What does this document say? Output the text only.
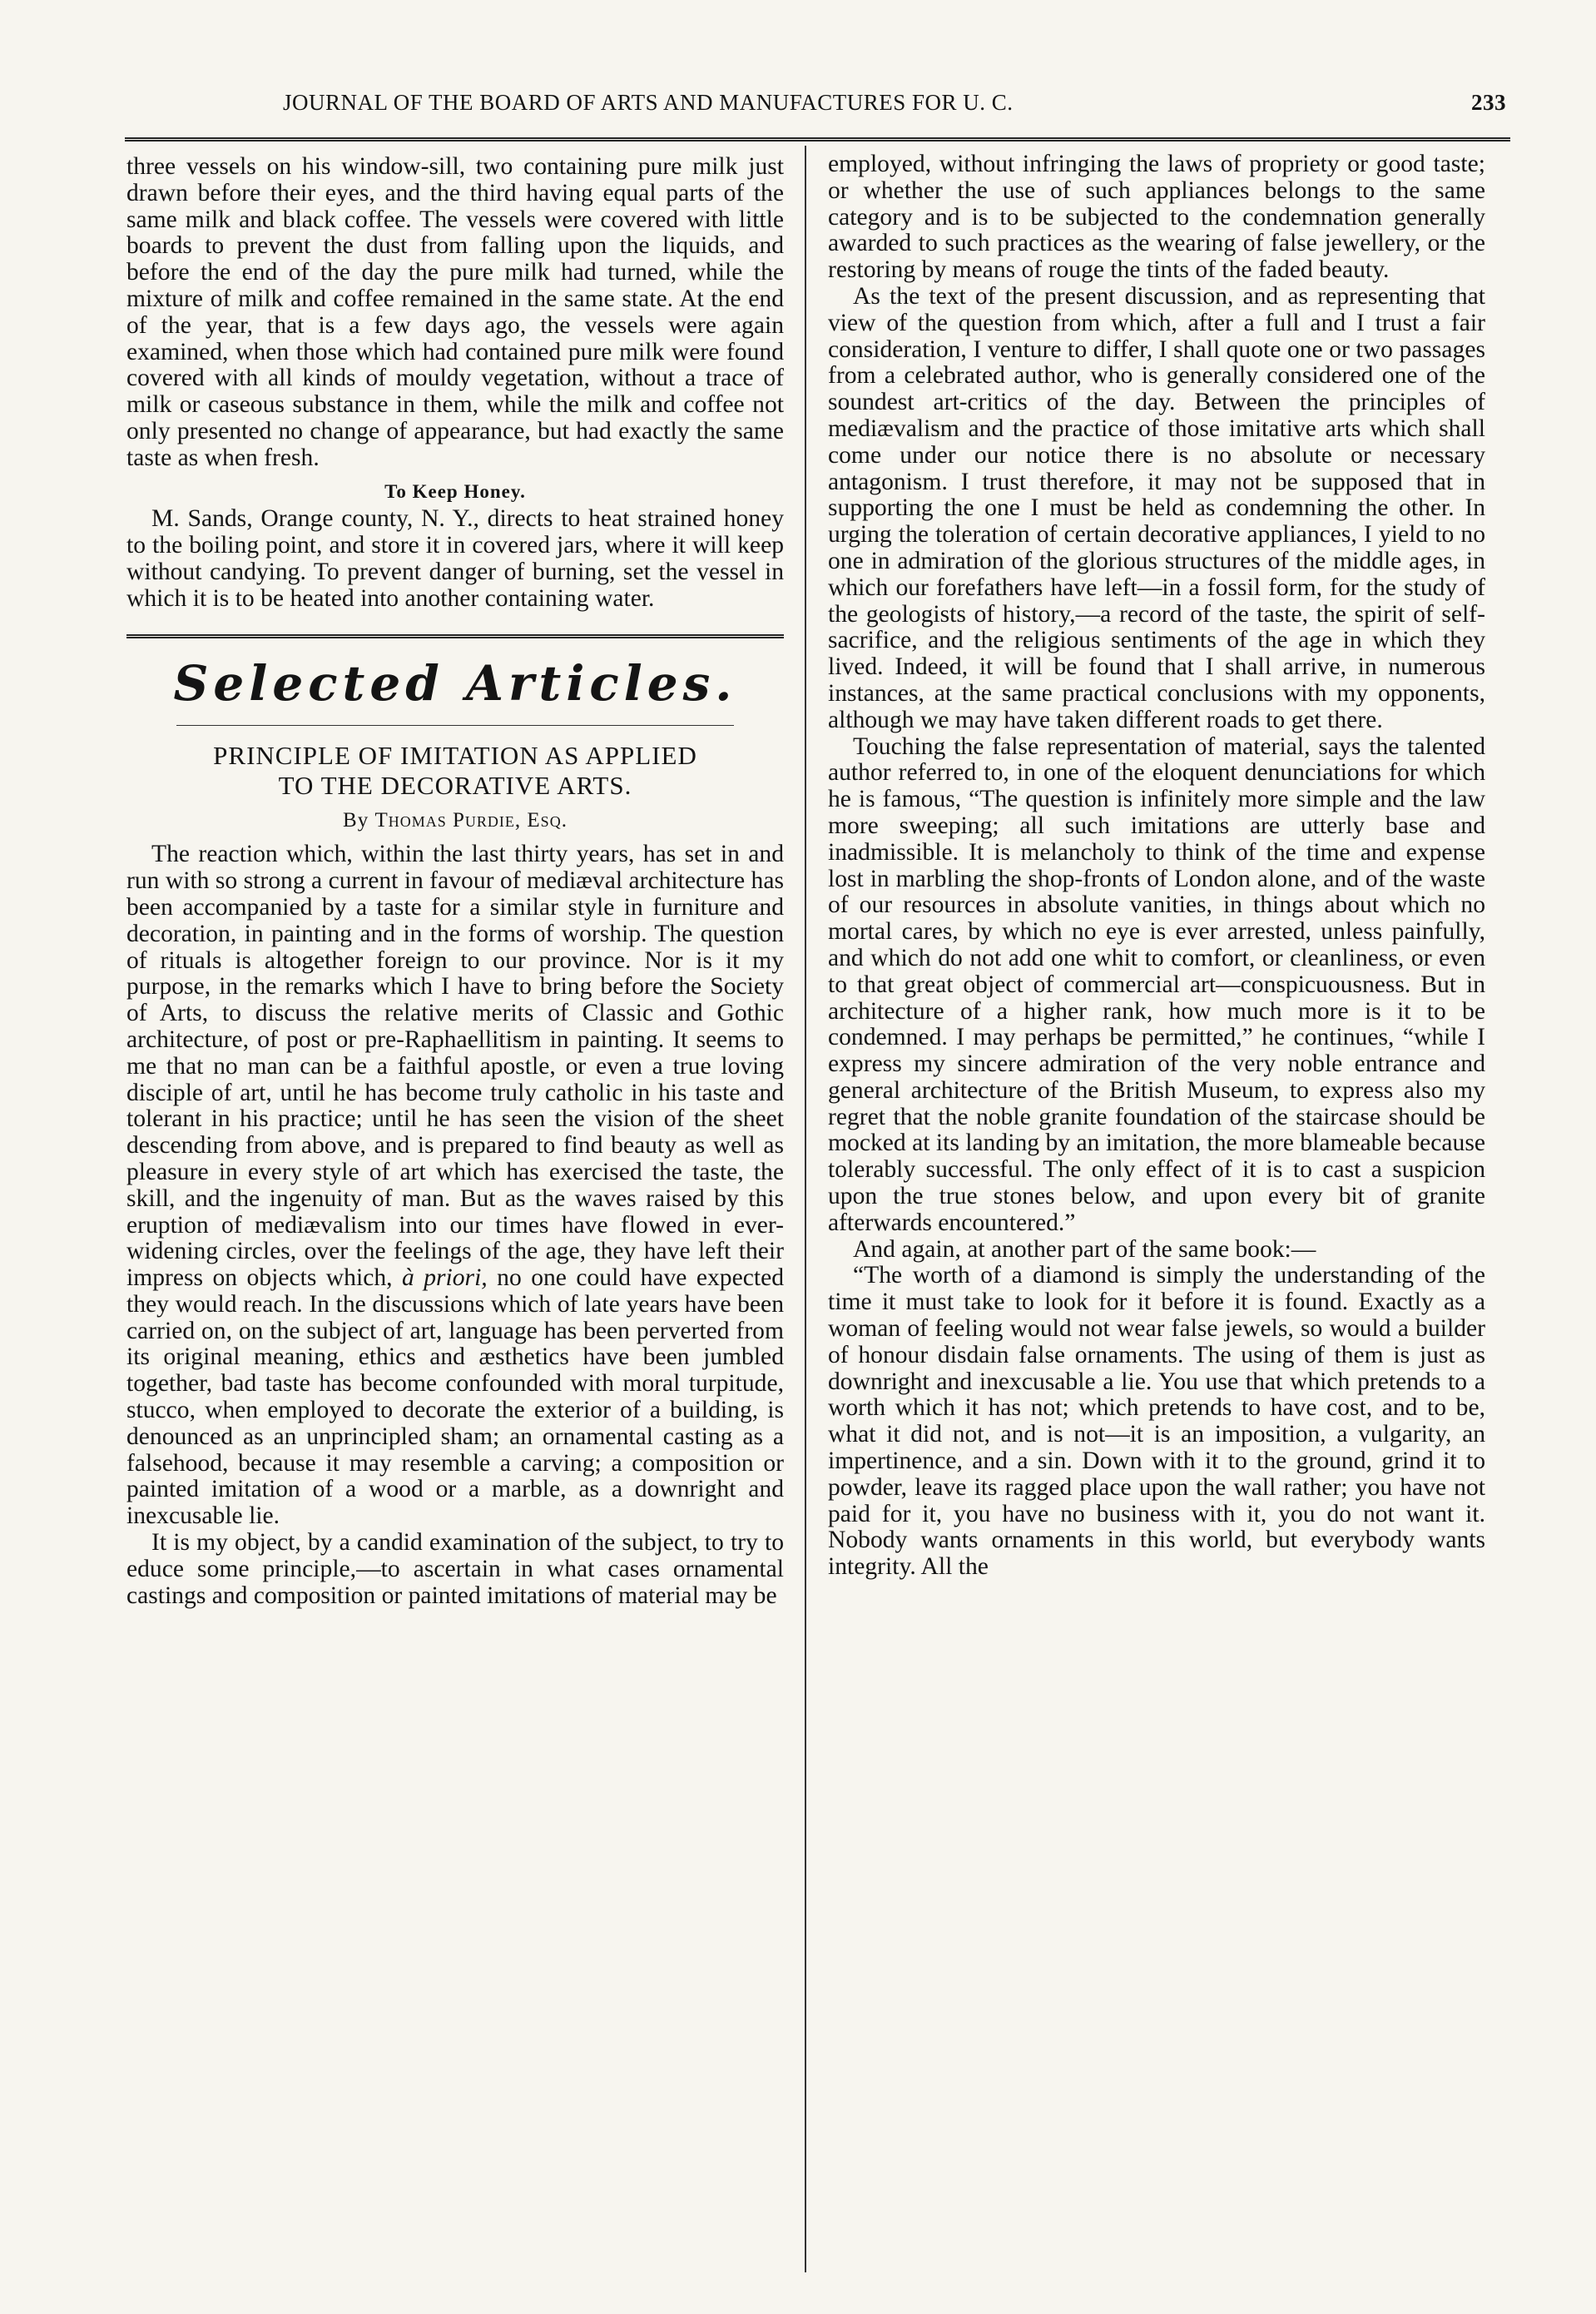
JOURNAL OF THE BOARD OF ARTS AND MANUFACTURES FOR U. C.	233

three vessels on his window-sill, two containing pure milk just drawn before their eyes, and the third having equal parts of the same milk and black coffee. The vessels were covered with little boards to prevent the dust from falling upon the liquids, and before the end of the day the pure milk had turned, while the mixture of milk and coffee remained in the same state. At the end of the year, that is a few days ago, the vessels were again examined, when those which had contained pure milk were found covered with all kinds of mouldy vegetation, without a trace of milk or caseous substance in them, while the milk and coffee not only presented no change of appearance, but had exactly the same taste as when fresh.

To Keep Honey.

M. Sands, Orange county, N. Y., directs to heat strained honey to the boiling point, and store it in covered jars, where it will keep without candying. To prevent danger of burning, set the vessel in which it is to be heated into another containing water.

Selected Articles.
PRINCIPLE OF IMITATION AS APPLIED
TO THE DECORATIVE ARTS.
By Thomas Purdie, Esq.

The reaction which, within the last thirty years, has set in and run with so strong a current in favour of mediæval architecture has been accompanied by a taste for a similar style in furniture and decoration, in painting and in the forms of worship. The question of rituals is altogether foreign to our province. Nor is it my purpose, in the remarks which I have to bring before the Society of Arts, to discuss the relative merits of Classic and Gothic architecture, of post or pre-Raphaellitism in painting. It seems to me that no man can be a faithful apostle, or even a true loving disciple of art, until he has become truly catholic in his taste and tolerant in his practice; until he has seen the vision of the sheet descending from above, and is prepared to find beauty as well as pleasure in every style of art which has exercised the taste, the skill, and the ingenuity of man. But as the waves raised by this eruption of mediævalism into our times have flowed in ever-widening circles, over the feelings of the age, they have left their impress on objects which, à priori, no one could have expected they would reach. In the discussions which of late years have been carried on, on the subject of art, language has been perverted from its original meaning, ethics and æsthetics have been jumbled together, bad taste has become confounded with moral turpitude, stucco, when employed to decorate the exterior of a building, is denounced as an unprincipled sham; an ornamental casting as a falsehood, because it may resemble a carving; a composition or painted imitation of a wood or a marble, as a downright and inexcusable lie.

It is my object, by a candid examination of the subject, to try to educe some principle,—to ascertain in what cases ornamental castings and composition or painted imitations of material may be

employed, without infringing the laws of propriety or good taste; or whether the use of such appliances belongs to the same category and is to be subjected to the condemnation generally awarded to such practices as the wearing of false jewellery, or the restoring by means of rouge the tints of the faded beauty.

As the text of the present discussion, and as representing that view of the question from which, after a full and I trust a fair consideration, I venture to differ, I shall quote one or two passages from a celebrated author, who is generally considered one of the soundest art-critics of the day. Between the principles of mediævalism and the practice of those imitative arts which shall come under our notice there is no absolute or necessary antagonism. I trust therefore, it may not be supposed that in supporting the one I must be held as condemning the other. In urging the toleration of certain decorative appliances, I yield to no one in admiration of the glorious structures of the middle ages, in which our forefathers have left—in a fossil form, for the study of the geologists of history,—a record of the taste, the spirit of self-sacrifice, and the religious sentiments of the age in which they lived. Indeed, it will be found that I shall arrive, in numerous instances, at the same practical conclusions with my opponents, although we may have taken different roads to get there.

Touching the false representation of material, says the talented author referred to, in one of the eloquent denunciations for which he is famous, “The question is infinitely more simple and the law more sweeping; all such imitations are utterly base and inadmissible. It is melancholy to think of the time and expense lost in marbling the shop-fronts of London alone, and of the waste of our resources in absolute vanities, in things about which no mortal cares, by which no eye is ever arrested, unless painfully, and which do not add one whit to comfort, or cleanliness, or even to that great object of commercial art—conspicuousness. But in architecture of a higher rank, how much more is it to be condemned. I may perhaps be permitted,” he continues, “while I express my sincere admiration of the very noble entrance and general architecture of the British Museum, to express also my regret that the noble granite foundation of the staircase should be mocked at its landing by an imitation, the more blameable because tolerably successful. The only effect of it is to cast a suspicion upon the true stones below, and upon every bit of granite afterwards encountered.”

And again, at another part of the same book:—

“The worth of a diamond is simply the understanding of the time it must take to look for it before it is found. Exactly as a woman of feeling would not wear false jewels, so would a builder of honour disdain false ornaments. The using of them is just as downright and inexcusable a lie. You use that which pretends to a worth which it has not; which pretends to have cost, and to be, what it did not, and is not—it is an imposition, a vulgarity, an impertinence, and a sin. Down with it to the ground, grind it to powder, leave its ragged place upon the wall rather; you have not paid for it, you have no business with it, you do not want it. Nobody wants ornaments in this world, but everybody wants integrity. All the
